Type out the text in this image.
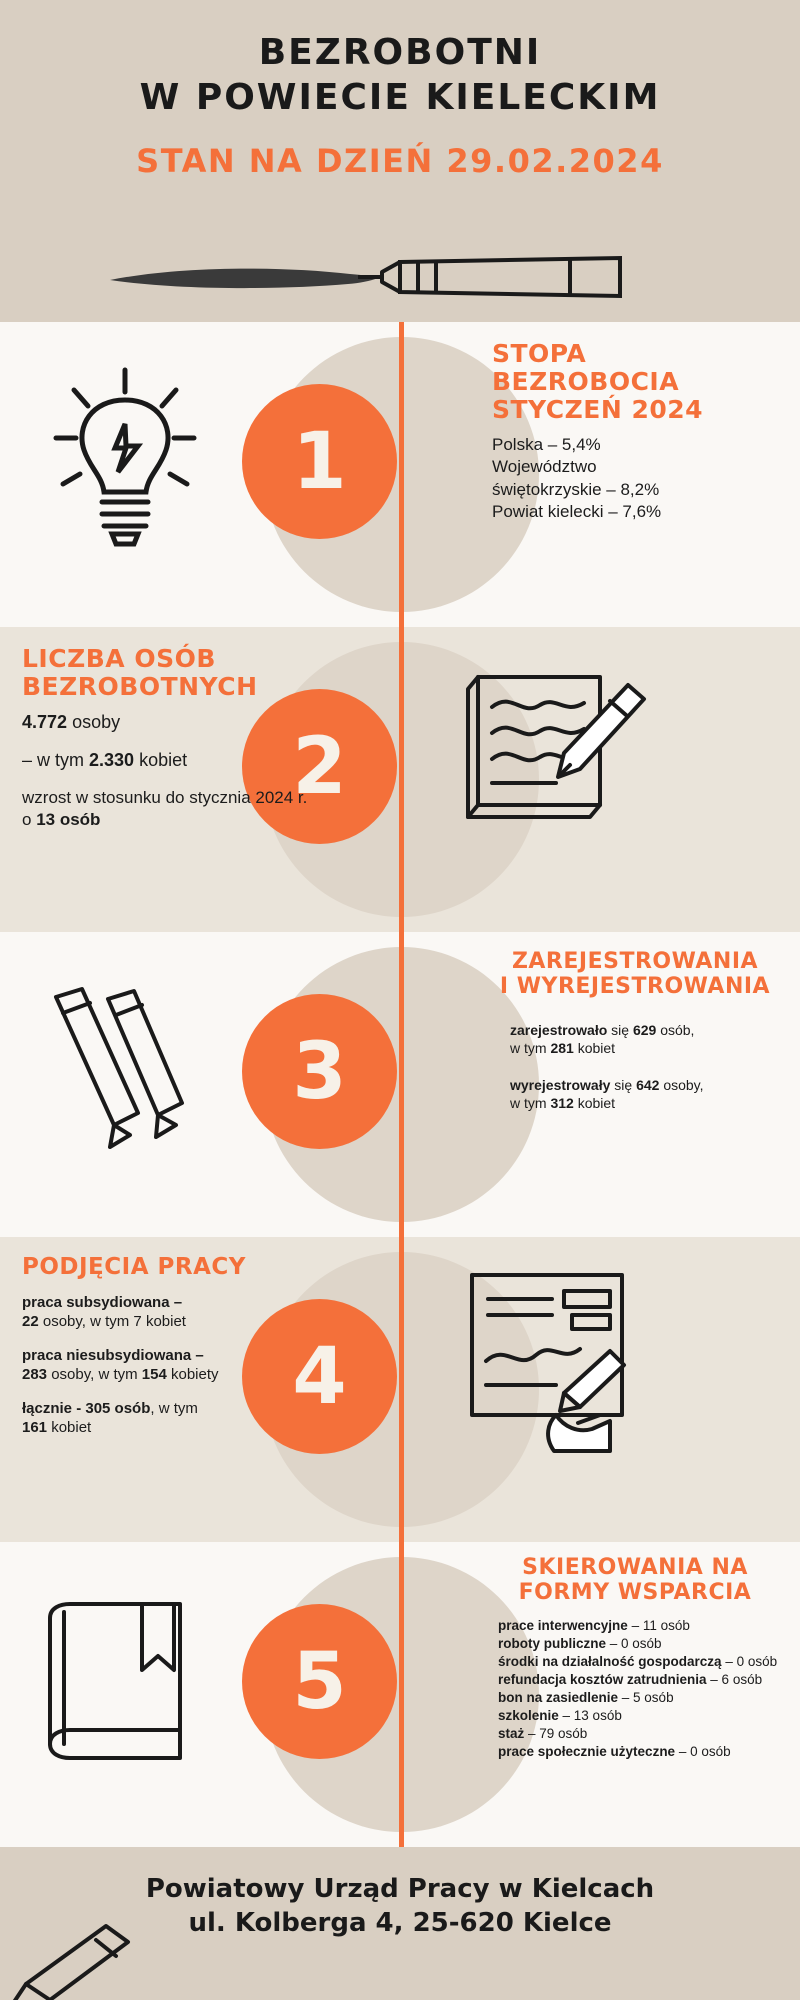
BEZROBOTNI
W POWIECIE KIELECKIM
STAN NA DZIEŃ 29.02.2024
1
STOPA
BEZROBOCIA
STYCZEŃ 2024
Polska – 5,4%
Województwo
świętokrzyskie – 8,2%
Powiat kielecki – 7,6%
2
LICZBA OSÓB
BEZROBOTNYCH
4.772 osoby
– w tym 2.330 kobiet
wzrost w stosunku do stycznia 2024 r. o 13 osób
3
ZAREJESTROWANIA
I WYREJESTROWANIA

zarejestrowało się 629 osób,
w tym 281 kobiet

wyrejestrowały się 642 osoby,
w tym 312 kobiet

4
PODJĘCIA PRACY

praca subsydiowana –
22 osoby, w tym 7 kobiet

praca niesubsydiowana –
283 osoby, w tym 154 kobiety

łącznie - 305 osób, w tym
161 kobiet

5
SKIEROWANIA NA
FORMY WSPARCIA
prace interwencyjne – 11 osób
roboty publiczne – 0 osób
środki na działalność gospodarczą – 0 osób
refundacja kosztów zatrudnienia – 6 osób
bon na zasiedlenie – 5 osób
szkolenie – 13 osób
staż – 79 osób
prace społecznie użyteczne – 0 osób

Powiatowy Urząd Pracy w Kielcach

ul. Kolberga 4, 25-620 Kielce
